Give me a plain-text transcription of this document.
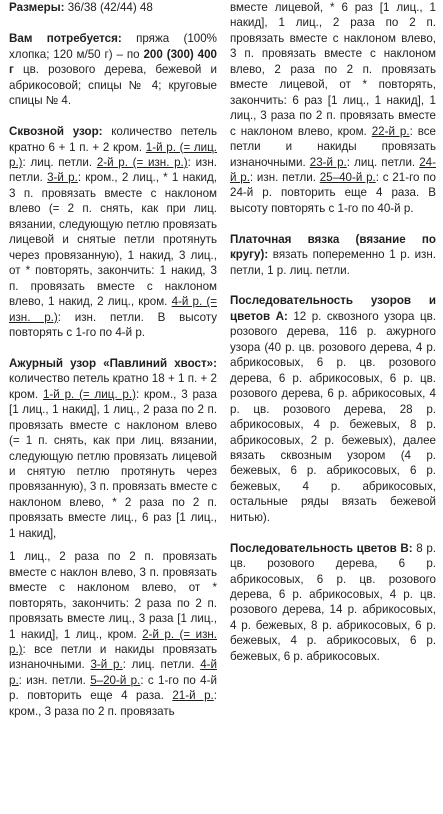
Размеры: 36/38 (42/44) 48

Вам потребуется: пряжа (100% хлопка; 120 м/50 г) – по 200 (300) 400 г цв. розового дерева, бежевой и абрикосовой; спицы № 4; круговые спицы № 4.

Сквозной узор: количество петель кратно 6 + 1 п. + 2 кром. 1-й р. (= лиц. р.): лиц. петли. 2-й р. (= изн. р.): изн. петли. 3-й р.: кром., 2 лиц., * 1 накид, 3 п. провязать вместе с наклоном влево (= 2 п. снять, как при лиц. вязании, следующую петлю провязать лицевой и снятые петли протянуть через провязанную), 1 накид, 3 лиц., от * повторять, закончить: 1 накид, 3 п. провязать вместе с наклоном влево, 1 накид, 2 лиц., кром. 4-й р. (= изн. р.): изн. петли. В высоту повторять с 1-го по 4-й р.

Ажурный узор «Павлиний хвост»: количество петель кратно 18 + 1 п. + 2 кром. 1-й р. (= лиц. р.): кром., 3 раза [1 лиц., 1 накид], 1 лиц., 2 раза по 2 п. провязать вместе с наклоном влево (= 1 п. снять, как при лиц. вязании, следующую петлю провязать лицевой и снятую петлю протянуть через провязанную), 3 п. провязать вместе с наклоном влево, * 2 раза по 2 п. провязать вместе лиц., 6 раз [1 лиц., 1 накид],

1 лиц., 2 раза по 2 п. провязать вместе с наклон влево, 3 п. провязать вместе с наклоном влево, от * повторять, закончить: 2 раза по 2 п. провязать вместе лиц., 3 раза [1 лиц., 1 накид], 1 лиц., кром. 2-й р. (= изн. р.): все петли и накиды провязать изнаночными. 3-й р.: лиц. петли. 4-й р.: изн. петли. 5–20-й р.: с 1-го по 4-й р. повторить еще 4 раза. 21-й р.: кром., 3 раза по 2 п. провязать

вместе лицевой, * 6 раз [1 лиц., 1 накид], 1 лиц., 2 раза по 2 п. провязать вместе с наклоном влево, 3 п. провязать вместе с наклоном влево, 2 раза по 2 п. провязать вместе лицевой, от * повторять, закончить: 6 раз [1 лиц., 1 накид], 1 лиц., 3 раза по 2 п. провязать вместе с наклоном влево, кром. 22-й р.: все петли и накиды провязать изнаночными. 23-й р.: лиц. петли. 24-й р.: изн. петли. 25–40-й р.: с 21-го по 24-й р. повторить еще 4 раза. В высоту повторять с 1-го по 40-й р.

Платочная вязка (вязание по кругу): вязать попеременно 1 р. изн. петли, 1 р. лиц. петли.

Последовательность узоров и цветов А: 12 р. сквозного узора цв. розового дерева, 116 р. ажурного узора (40 р. цв. розового дерева, 4 р. абрикосовых, 6 р. цв. розового дерева, 6 р. абрикосовых, 6 р. цв. розового дерева, 6 р. абрикосовых, 4 р. цв. розового дерева, 28 р. абрикосовых, 4 р. бежевых, 8 р. абрикосовых, 2 р. бежевых), далее вязать сквозным узором (4 р. бежевых, 6 р. абрикосовых, 6 р. бежевых, 4 р. абрикосовых, остальные ряды вязать бежевой нитью).

Последовательность цветов В: 8 р. цв. розового дерева, 6 р. абрикосовых, 6 р. цв. розового дерева, 6 р. абрикосовых, 4 р. цв. розового дерева, 14 р. абрикосовых, 4 р. бежевых, 8 р. абрикосовых, 6 р. бежевых, 4 р. абрикосовых, 6 р. бежевых, 6 р. абрикосовых.
